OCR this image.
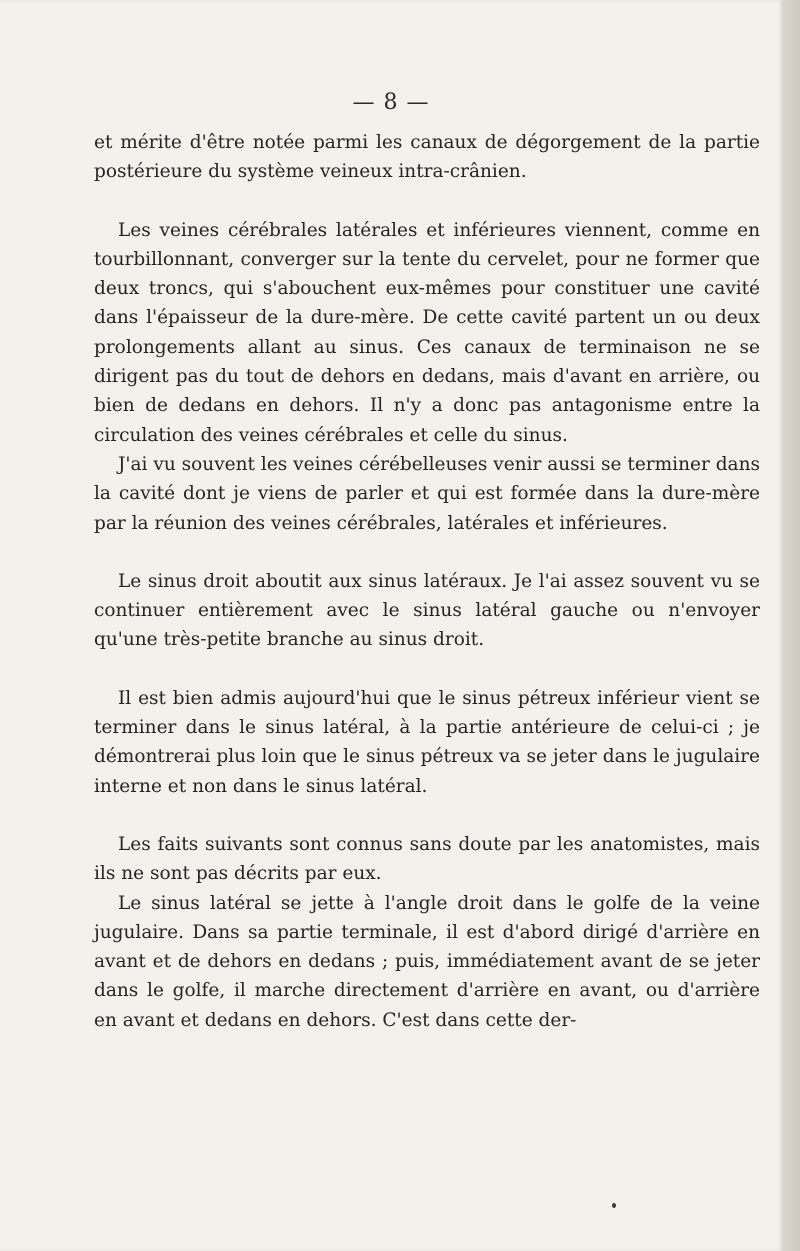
— 8 —

et mérite d'être notée parmi les canaux de dégorgement de la partie postérieure du système veineux intra-crânien.

Les veines cérébrales latérales et inférieures viennent, comme en tourbillonnant, converger sur la tente du cervelet, pour ne former que deux troncs, qui s'abouchent eux-mêmes pour constituer une cavité dans l'épaisseur de la dure-mère. De cette cavité partent un ou deux prolongements allant au sinus. Ces canaux de terminaison ne se dirigent pas du tout de dehors en dedans, mais d'avant en arrière, ou bien de dedans en dehors. Il n'y a donc pas antagonisme entre la circulation des veines cérébrales et celle du sinus.

J'ai vu souvent les veines cérébelleuses venir aussi se terminer dans la cavité dont je viens de parler et qui est formée dans la dure-mère par la réunion des veines cérébrales, latérales et inférieures.

Le sinus droit aboutit aux sinus latéraux. Je l'ai assez souvent vu se continuer entièrement avec le sinus latéral gauche ou n'envoyer qu'une très-petite branche au sinus droit.

Il est bien admis aujourd'hui que le sinus pétreux inférieur vient se terminer dans le sinus latéral, à la partie antérieure de celui-ci ; je démontrerai plus loin que le sinus pétreux va se jeter dans le jugulaire interne et non dans le sinus latéral.

Les faits suivants sont connus sans doute par les anatomistes, mais ils ne sont pas décrits par eux.

Le sinus latéral se jette à l'angle droit dans le golfe de la veine jugulaire. Dans sa partie terminale, il est d'abord dirigé d'arrière en avant et de dehors en dedans ; puis, immédiatement avant de se jeter dans le golfe, il marche directement d'arrière en avant, ou d'arrière en avant et dedans en dehors. C'est dans cette der-
